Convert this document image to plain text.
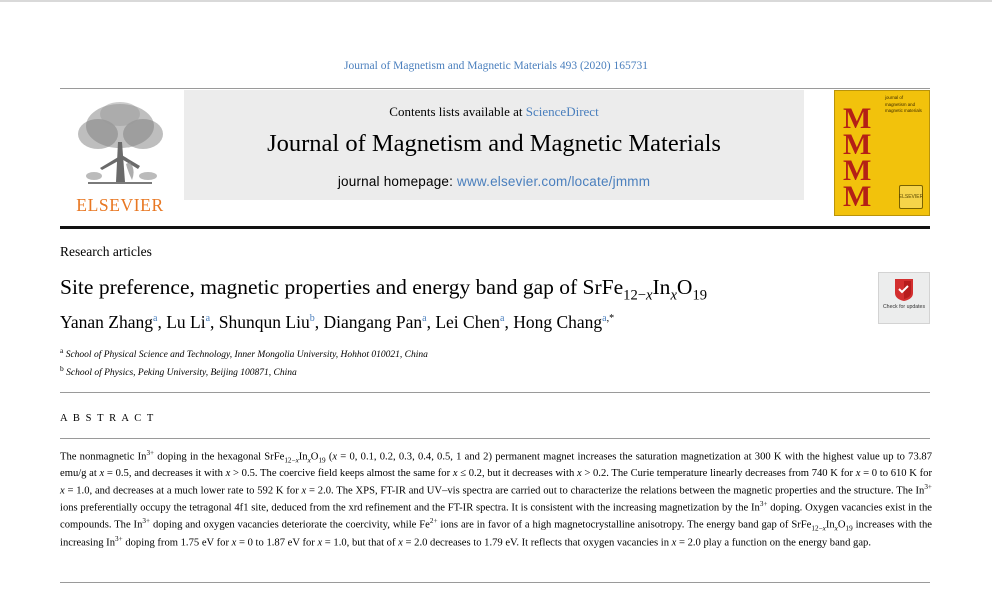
Journal of Magnetism and Magnetic Materials 493 (2020) 165731
ELSEVIER
Contents lists available at ScienceDirect
Journal of Magnetism and Magnetic Materials
journal homepage: www.elsevier.com/locate/jmmm
journal of magnetism and magnetic materials
M
M
M
M	ELSEVIER
Research articles
Site preference, magnetic properties and energy band gap of $SrFe_{12-x}In_xO_{19}$
Yanan Zhang$^a$, Lu Li$^a$, Shunqun Liu$^b$, Diangang Pan$^a$, Lei Chen$^a$, Hong Chang$^{a,*}$
$^a$ School of Physical Science and Technology, Inner Mongolia University, Hohhot 010021, China
$^b$ School of Physics, Peking University, Beijing 100871, China
Check for updates
A B S T R A C T
The nonmagnetic $In^{3+}$ doping in the hexagonal $SrFe_{12-x}In_xO_{19}$ (x = 0, 0.1, 0.2, 0.3, 0.4, 0.5, 1 and 2) permanent magnet increases the saturation magnetization at 300 K with the highest value up to 73.87 emu/g at x = 0.5, and decreases it with x > 0.5. The coercive field keeps almost the same for x ≤ 0.2, but it decreases with x > 0.2. The Curie temperature linearly decreases from 740 K for x = 0 to 610 K for x = 1.0, and decreases at a much lower rate to 592 K for x = 2.0. The XPS, FT-IR and UV–vis spectra are carried out to characterize the relations between the magnetic properties and the structure. The $In^{3+}$ ions preferentially occupy the tetragonal 4f1 site, deduced from the xrd refinement and the FT-IR spectra. It is consistent with the increasing magnetization by the $In^{3+}$ doping. Oxygen vacancies exist in the compounds. The $In^{3+}$ doping and oxygen vacancies deteriorate the coercivity, while $Fe^{2+}$ ions are in favor of a high magnetocrystalline anisotropy. The energy band gap of $SrFe_{12-x}In_xO_{19}$ increases with the increasing $In^{3+}$ doping from 1.75 eV for x = 0 to 1.87 eV for x = 1.0, but that of x = 2.0 decreases to 1.79 eV. It reflects that oxygen vacancies in x = 2.0 play a function on the energy band gap.
